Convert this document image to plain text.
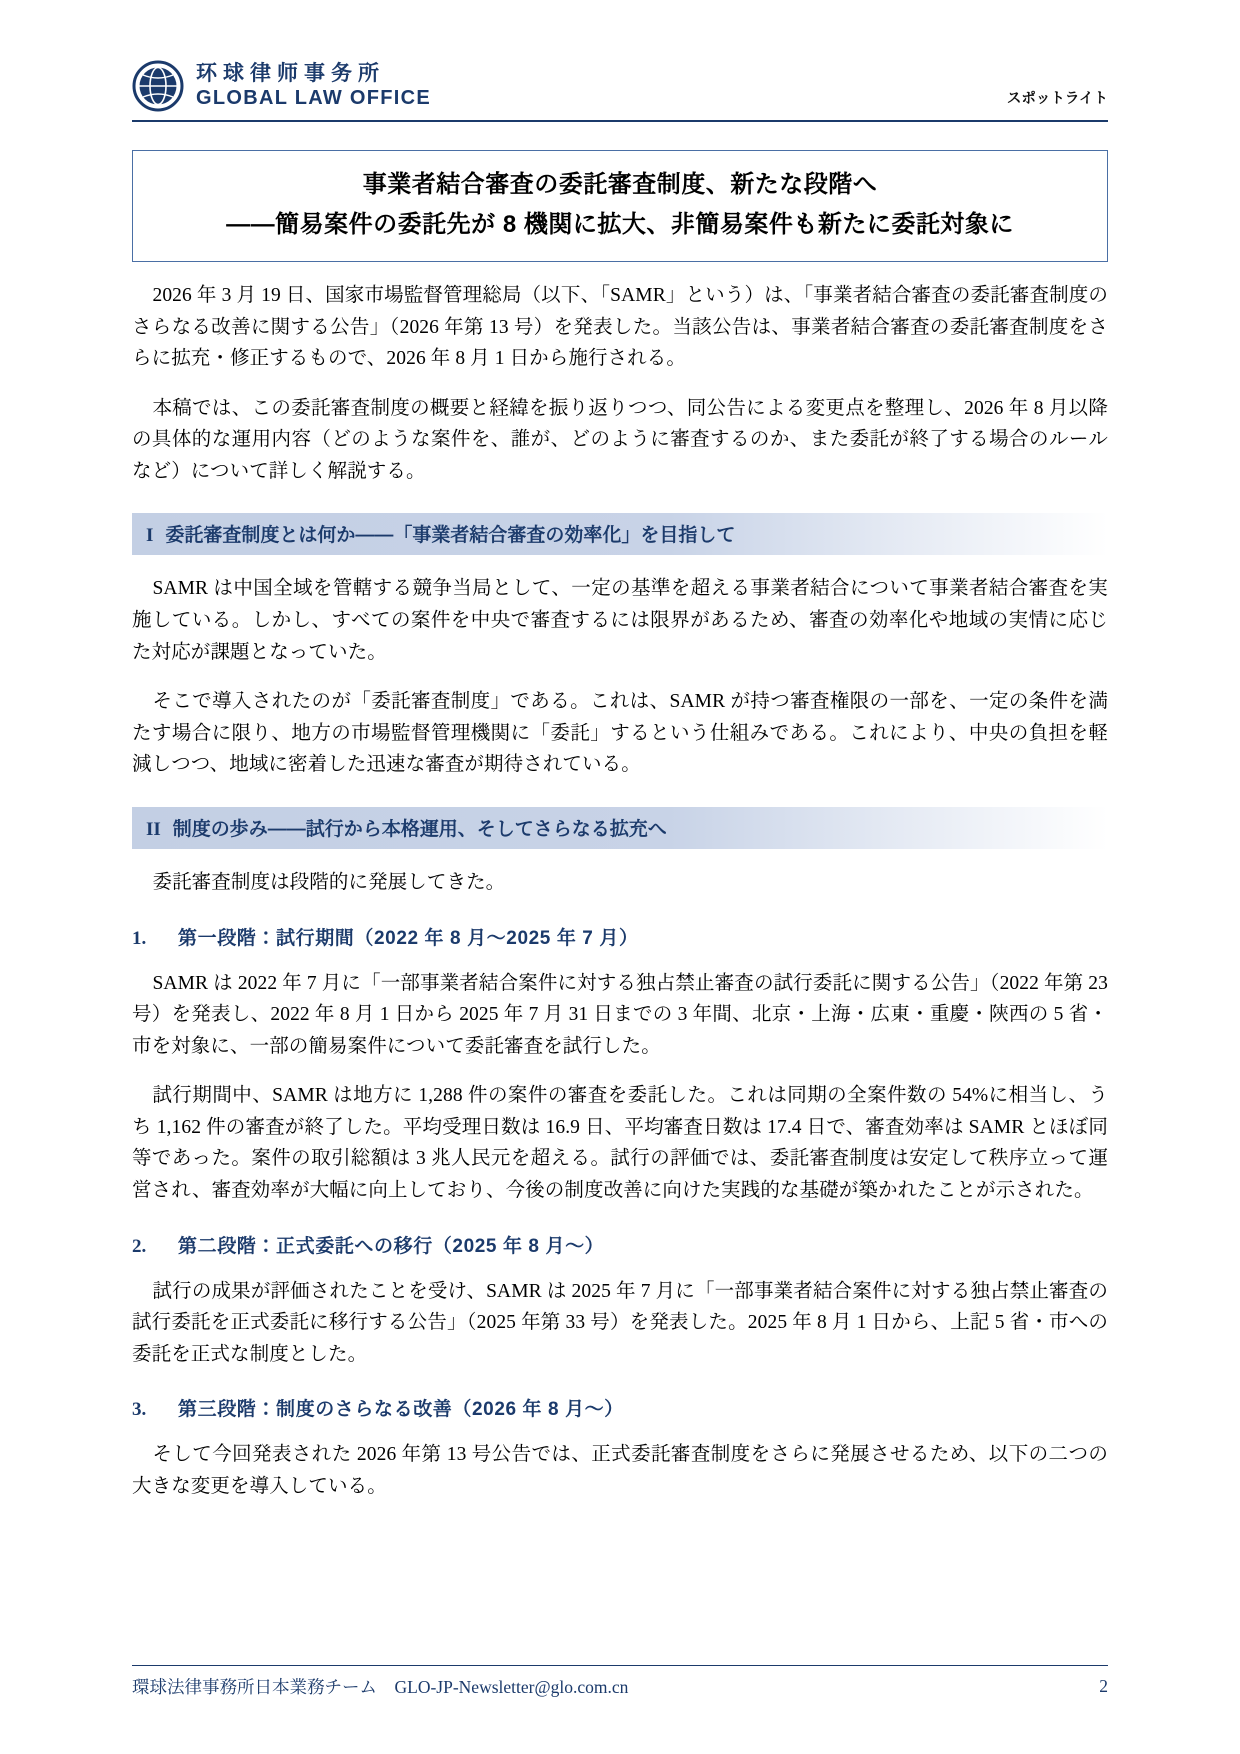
环球律师事务所
GLOBAL LAW OFFICE	スポットライト
事業者結合審査の委託審査制度、新たな段階へ
——簡易案件の委託先が 8 機関に拡大、非簡易案件も新たに委託対象に

2026 年 3 月 19 日、国家市場監督管理総局（以下、「SAMR」という）は、「事業者結合審査の委託審査制度のさらなる改善に関する公告」（2026 年第 13 号）を発表した。当該公告は、事業者結合審査の委託審査制度をさらに拡充・修正するもので、2026 年 8 月 1 日から施行される。

本稿では、この委託審査制度の概要と経緯を振り返りつつ、同公告による変更点を整理し、2026 年 8 月以降の具体的な運用内容（どのような案件を、誰が、どのように審査するのか、また委託が終了する場合のルールなど）について詳しく解説する。

I 委託審査制度とは何か——「事業者結合審査の効率化」を目指して

SAMR は中国全域を管轄する競争当局として、一定の基準を超える事業者結合について事業者結合審査を実施している。しかし、すべての案件を中央で審査するには限界があるため、審査の効率化や地域の実情に応じた対応が課題となっていた。

そこで導入されたのが「委託審査制度」である。これは、SAMR が持つ審査権限の一部を、一定の条件を満たす場合に限り、地方の市場監督管理機関に「委託」するという仕組みである。これにより、中央の負担を軽減しつつ、地域に密着した迅速な審査が期待されている。

II 制度の歩み——試行から本格運用、そしてさらなる拡充へ

委託審査制度は段階的に発展してきた。

1.	第一段階：試行期間（2022 年 8 月〜2025 年 7 月）

SAMR は 2022 年 7 月に「一部事業者結合案件に対する独占禁止審査の試行委託に関する公告」（2022 年第 23 号）を発表し、2022 年 8 月 1 日から 2025 年 7 月 31 日までの 3 年間、北京・上海・広東・重慶・陝西の 5 省・市を対象に、一部の簡易案件について委託審査を試行した。

試行期間中、SAMR は地方に 1,288 件の案件の審査を委託した。これは同期の全案件数の 54%に相当し、うち 1,162 件の審査が終了した。平均受理日数は 16.9 日、平均審査日数は 17.4 日で、審査効率は SAMR とほぼ同等であった。案件の取引総額は 3 兆人民元を超える。試行の評価では、委託審査制度は安定して秩序立って運営され、審査効率が大幅に向上しており、今後の制度改善に向けた実践的な基礎が築かれたことが示された。

2.	第二段階：正式委託への移行（2025 年 8 月〜）

試行の成果が評価されたことを受け、SAMR は 2025 年 7 月に「一部事業者結合案件に対する独占禁止審査の試行委託を正式委託に移行する公告」（2025 年第 33 号）を発表した。2025 年 8 月 1 日から、上記 5 省・市への委託を正式な制度とした。

3.	第三段階：制度のさらなる改善（2026 年 8 月〜）

そして今回発表された 2026 年第 13 号公告では、正式委託審査制度をさらに発展させるため、以下の二つの大きな変更を導入している。

環球法律事務所日本業務チーム　GLO-JP-Newsletter@glo.com.cn	2
